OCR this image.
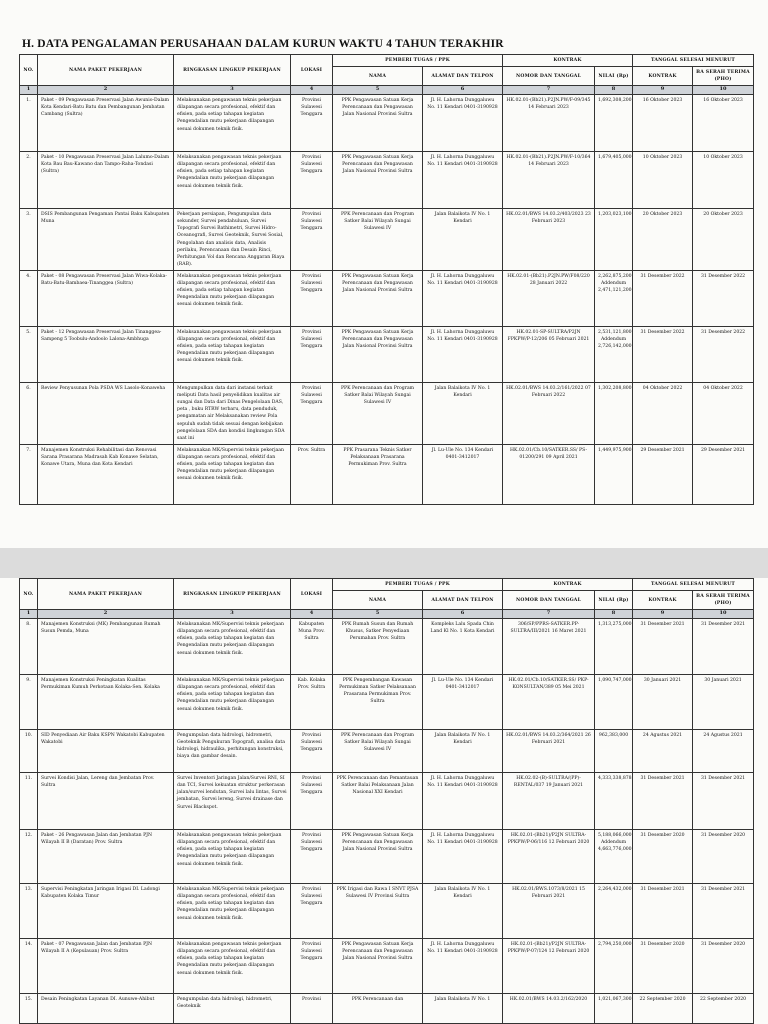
H. DATA PENGALAMAN PERUSAHAAN DALAM KURUN WAKTU 4 TAHUN TERAKHIR
NO.	NAMA PAKET PEKERJAAN	RINGKASAN LINGKUP PEKERJAAN	LOKASI	PEMBERI TUGAS / PPK		KONTRAK		TANGGAL SELESAI MENURUT	
				NAMA	ALAMAT DAN TELPON	NOMOR DAN TANGGAL	NILAI (Rp)	KONTRAK	BA SERAH TERIMA (PHO)
1	2	3	4	5	6	7	8	9	10
1.	Paket - 09 Pengawasan Preservasi Jalan Awunio-Dalam Kota Kendari-Batu Batu dan Pembangunan Jembatan Cambang (Sultra)	Melaksanakan pengawasan teknis pekerjaan dilapangan secara profesional, efektif dan efisien, pada setiap tahapan kegiatan Pengendalian mutu pekerjaan dilapangan sesuai dokumen teknik fisik.	Provinsi Sulawesi Tenggara	PPK Pengawasan Satuan Kerja Perencanaan dan Pengawasan Jalan Nasional Provinsi Sultra	Jl. H. Lahorna Dunggaluwu No. 11 Kendari 0401-3190928	HK.02.01-(Bb21).P2JN.PW/F-09/345 14 Februari 2023	1,692,308,200	16 Oktober 2023	16 Oktober 2023
2.	Paket - 10 Pengawasan Preservasi Jalan Lalumo-Dalam Kota Bau Bau-Kawano dan Tampo-Raha-Tondasi (Sultra)	Melaksanakan pengawasan teknis pekerjaan dilapangan secara profesional, efektif dan efisien, pada setiap tahapan kegiatan Pengendalian mutu pekerjaan dilapangan sesuai dokumen teknik fisik.	Provinsi Sulawesi Tenggara	PPK Pengawasan Satuan Kerja Perencanaan dan Pengawasan Jalan Nasional Provinsi Sultra	Jl. H. Lahorna Dunggaluwu No. 11 Kendari 0401-3190928	HK.02.01-(Bb21).P2JN.PW/F-10/364 14 Februari 2023	1,679,405,000	10 Oktober 2023	10 Oktober 2023
3.	DSIS Pembangunan Pengaman Pantai Baku Kabupaten Muna	Pekerjaan persiapan, Pengumpulan data sekunder, Survei pendahuluan, Survei Topografi Survei Bathimetri, Survei Hidro-Oceanografi, Survei Geoteknik, Survei Sosial, Pengolahan dan analisis data, Analisis perilaku, Perencanaan dan Desain Rinci, Perhitungan Vol dan Rencana Anggaran Biaya (RAB).	Provinsi Sulawesi Tenggara	PPK Perencanaan dan Program Satker Balai Wilayah Sungai Sulawesi IV	Jalan Balaikota IV No. 1 Kendari	HK.02.01/BWS 14.03.2/403/2023 23 Februari 2023	1,203,023,100	20 Oktober 2023	20 Oktober 2023
4.	Paket - 08 Pengawasan Preservasi Jalan Wiwa-Kolaka-Batu-Batu-Bambaea-Tinanggea (Sultra)	Melaksanakan pengawasan teknis pekerjaan dilapangan secara profesional, efektif dan efisien, pada setiap tahapan kegiatan Pengendalian mutu pekerjaan dilapangan sesuai dokumen teknik fisik.	Provinsi Sulawesi Tenggara	PPK Pengawasan Satuan Kerja Perencanaan dan Pengawasan Jalan Nasional Provinsi Sultra	Jl. H. Lahorna Dunggaluwu No. 11 Kendari 0401-3190928	HK.02.01-(Bb21).P2JN.PW/F08/220 28 Januari 2022	2,262,875,200 Addendum 2,471,121,200	31 Desember 2022	31 Desember 2022
5.	Paket - 12 Pengawasan Preservasi Jalan Tinanggea-Sampeng 5 Toobulu-Andoolo Lalona-Ambhuga	Melaksanakan pengawasan teknis pekerjaan dilapangan secara profesional, efektif dan efisien, pada setiap tahapan kegiatan Pengendalian mutu pekerjaan dilapangan sesuai dokumen teknik fisik.	Provinsi Sulawesi Tenggara	PPK Pengawasan Satuan Kerja Perencanaan dan Pengawasan Jalan Nasional Provinsi Sultra	Jl. H. Lahorna Dunggaluwu No. 11 Kendari 0401-3190928	HK.02.01-SP-SULTRA/P2JN FPKPW/P-12/206 05 Februari 2021	2,531,121,800 Addendum 2,726,142,000	31 Desember 2022	31 Desember 2022
6.	Review Penyusunan Pola PSDA WS Lasolo-Konaweha	Mengumpulkan data dari instansi terkait meliputi Data hasil penyelidikan kualitas air sungai dan Data dari Dinas Pengelolaan DAS, peta , buku RTRW terbaru, data penduduk, pengamatan air Melaksanakan review Pola sepuluh sudah tidak sesuai dengan kebijakan pengelolaan SDA dan kondisi lingkungan SDA saat ini	Provinsi Sulawesi Tenggara	PPK Perencanaan dan Program Satker Balai Wilayah Sungai Sulawesi IV	Jalan Balaikota IV No. 1 Kendari	HK.02.01/BWS 14.03.2/161/2022 07 Februari 2022	1,302,208,800	04 Oktober 2022	04 Oktober 2022
7.	Manajemen Konstruksi Rehabilitasi dan Renovasi Sarana Prasarana Madrasah Kab Konawe Selatan, Konawe Utara, Muna dan Kota Kendari	Melaksanakan MK/Supervisi teknis pekerjaan dilapangan secara profesional, efektif dan efisien, pada setiap tahapan kegiatan dan Pengendalian mutu pekerjaan dilapangan sesuai dokumen teknik fisik.	Prov. Sultra	PPK Prasarana Teknis Satker Pelaksanaan Prasarana Permukiman Prov. Sultra	Jl. Lu-Ule No. 134 Kendari 0401-3412017	HK.02.01/Cb.10/SATKER.SS/ PS-01200/291 09 April 2021	1,449,975,900	29 Desember 2021	29 Desember 2021
NO.	NAMA PAKET PEKERJAAN	RINGKASAN LINGKUP PEKERJAAN	LOKASI	PEMBERI TUGAS / PPK		KONTRAK		TANGGAL SELESAI MENURUT	
				NAMA	ALAMAT DAN TELPON	NOMOR DAN TANGGAL	NILAI (Rp)	KONTRAK	BA SERAH TERIMA (PHO)
1	2	3	4	5	6	7	8	9	10
8.	Manajemen Konstruksi (MK) Pembangunan Rumah Susun Pemda, Muna	Melaksanakan MK/Supervisi teknis pekerjaan dilapangan secara profesional, efektif dan efisien, pada setiap tahapan kegiatan dan Pengendalian mutu pekerjaan dilapangan sesuai dokumen teknik fisik.	Kabupaten Muna Prov. Sultra	PPK Rumah Susun dan Rumah Khusus, Satker Penyediaan Perumahan Prov. Sultra	Kompleks Lalu Spada Chin Land Kl No. 1 Kota Kendari	306/SP/PPRS-SATKER.PP-SULTRA/III/2021 16 Maret 2021	1,313,275,000	31 Desember 2021	31 Desember 2021
9.	Manajemen Konstruksi Peningkatan Kualitas Permukiman Kumuh Perkotaan Kolaka-Sen. Kolaka	Melaksanakan MK/Supervisi teknis pekerjaan dilapangan secara profesional, efektif dan efisien, pada setiap tahapan kegiatan dan Pengendalian mutu pekerjaan dilapangan sesuai dokumen teknik fisik.	Kab. Kolaka Prov. Sultra	PPK Pengembangan Kawasan Permukiman Satker Pelaksanaan Prasarana Permukiman Prov. Sultra	Jl. Lu-Ule No. 134 Kendari 0401-3412017	HK.02.01/Cb.10/SATKER.SS/ PKP-KONSULTAN/389 05 Mei 2021	1,090,747,000	30 Januari 2021	30 Januari 2021
10.	SID Penyediaan Air Baku KSPN Wakatobi Kabupaten Wakatobi	Pengumpulan data hidrologi, hidrometri, Geoteknik Pengukuran Topografi, analisa data hidrologi, hidraulika, perhitungan konstruksi, biaya dan gambar desain.	Provinsi Sulawesi Tenggara	PPK Perencanaan dan Program Satker Balai Wilayah Sungai Sulawesi IV	Jalan Balaikota IV No. 1 Kendari	HK.02.01/BWS 14.03.2/364/2021 26 Februari 2021	962,383,000	24 Agustus 2021	24 Agustus 2021
11.	Survei Kondisi Jalan, Lereng dan Jembatan Prov. Sultra	Survei Inventori Jaringan Jalan/Survei RNI, SI dan TCI, Survei kekuatan struktur perkerasan jalan/survei lendutan, Survei lalu lintas, Survei jembatan, Survei lereng, Survei drainase dan Survei Blackspot.	Provinsi Sulawesi Tenggara	PPK Perencanaan dan Pemantauan Satker Balai Pelaksanaan Jalan Nasional XXI Kendari	Jl. H. Lahorna Dunggaluwu No. 11 Kendari 0401-3190928	HK.02.02-(B)-SULTRA/(PP)-RENTAL/037 19 Januari 2021	4,333,338,878	31 Desember 2021	31 Desember 2021
12.	Paket - 26 Pengawasan Jalan dan Jembatan PJN Wilayah II B (Daratan) Prov. Sultra	Melaksanakan pengawasan teknis pekerjaan dilapangan secara profesional, efektif dan efisien, pada setiap tahapan kegiatan Pengendalian mutu pekerjaan dilapangan sesuai dokumen teknik fisik.	Provinsi Sulawesi Tenggara	PPK Pengawasan Satuan Kerja Perencanaan dan Pengawasan Jalan Nasional Provinsi Sultra	Jl. H. Lahorna Dunggaluwu No. 11 Kendari 0401-3190928	HK.02.01-(Bb21)/P2JN SULTRA-PPKPW/P-06/116 12 Februari 2020	5,188,066,000 Addendum 4,663,776,000	31 Desember 2020	31 Desember 2020
13.	Supervisi Peningkatan Jaringan Irigasi DI. Ladongi Kabupaten Kolaka Timur	Melaksanakan MK/Supervisi teknis pekerjaan dilapangan secara profesional, efektif dan efisien, pada setiap tahapan kegiatan dan Pengendalian mutu pekerjaan dilapangan sesuai dokumen teknik fisik.	Provinsi Sulawesi Tenggara	PPK Irigasi dan Rawa I SNVT PJSA Sulawesi IV Provinsi Sultra	Jalan Balaikota IV No. 1 Kendari	HK.02.01/BWS.1073/8/2021 15 Februari 2021	2,264,432,000	31 Desember 2021	31 Desember 2021
14.	Paket - 07 Pengawasan Jalan dan Jembatan PJN Wilayah II A (Kepulauan) Prov. Sultra	Melaksanakan pengawasan teknis pekerjaan dilapangan secara profesional, efektif dan efisien, pada setiap tahapan kegiatan Pengendalian mutu pekerjaan dilapangan sesuai dokumen teknik fisik.	Provinsi Sulawesi Tenggara	PPK Pengawasan Satuan Kerja Perencanaan dan Pengawasan Jalan Nasional Provinsi Sultra	Jl. H. Lahorna Dunggaluwu No. 11 Kendari 0401-3190928	HK.02.01-(Bb21)/P2JN SULTRA-PPKPW/P-07/124 12 Februari 2020	2,794,250,000	31 Desember 2020	31 Desember 2020
15.	Desain Peningkatan Layanan DI. Aunuwe-Ahibut	Pengumpulan data hidrologi, hidrometri, Geoteknik	Provinsi	PPK Perencanaan dan	Jalan Balaikota IV No. 1	HK.02.01/BWS 14.03.2/162/2020	1,021,067,300	22 September 2020	22 September 2020
